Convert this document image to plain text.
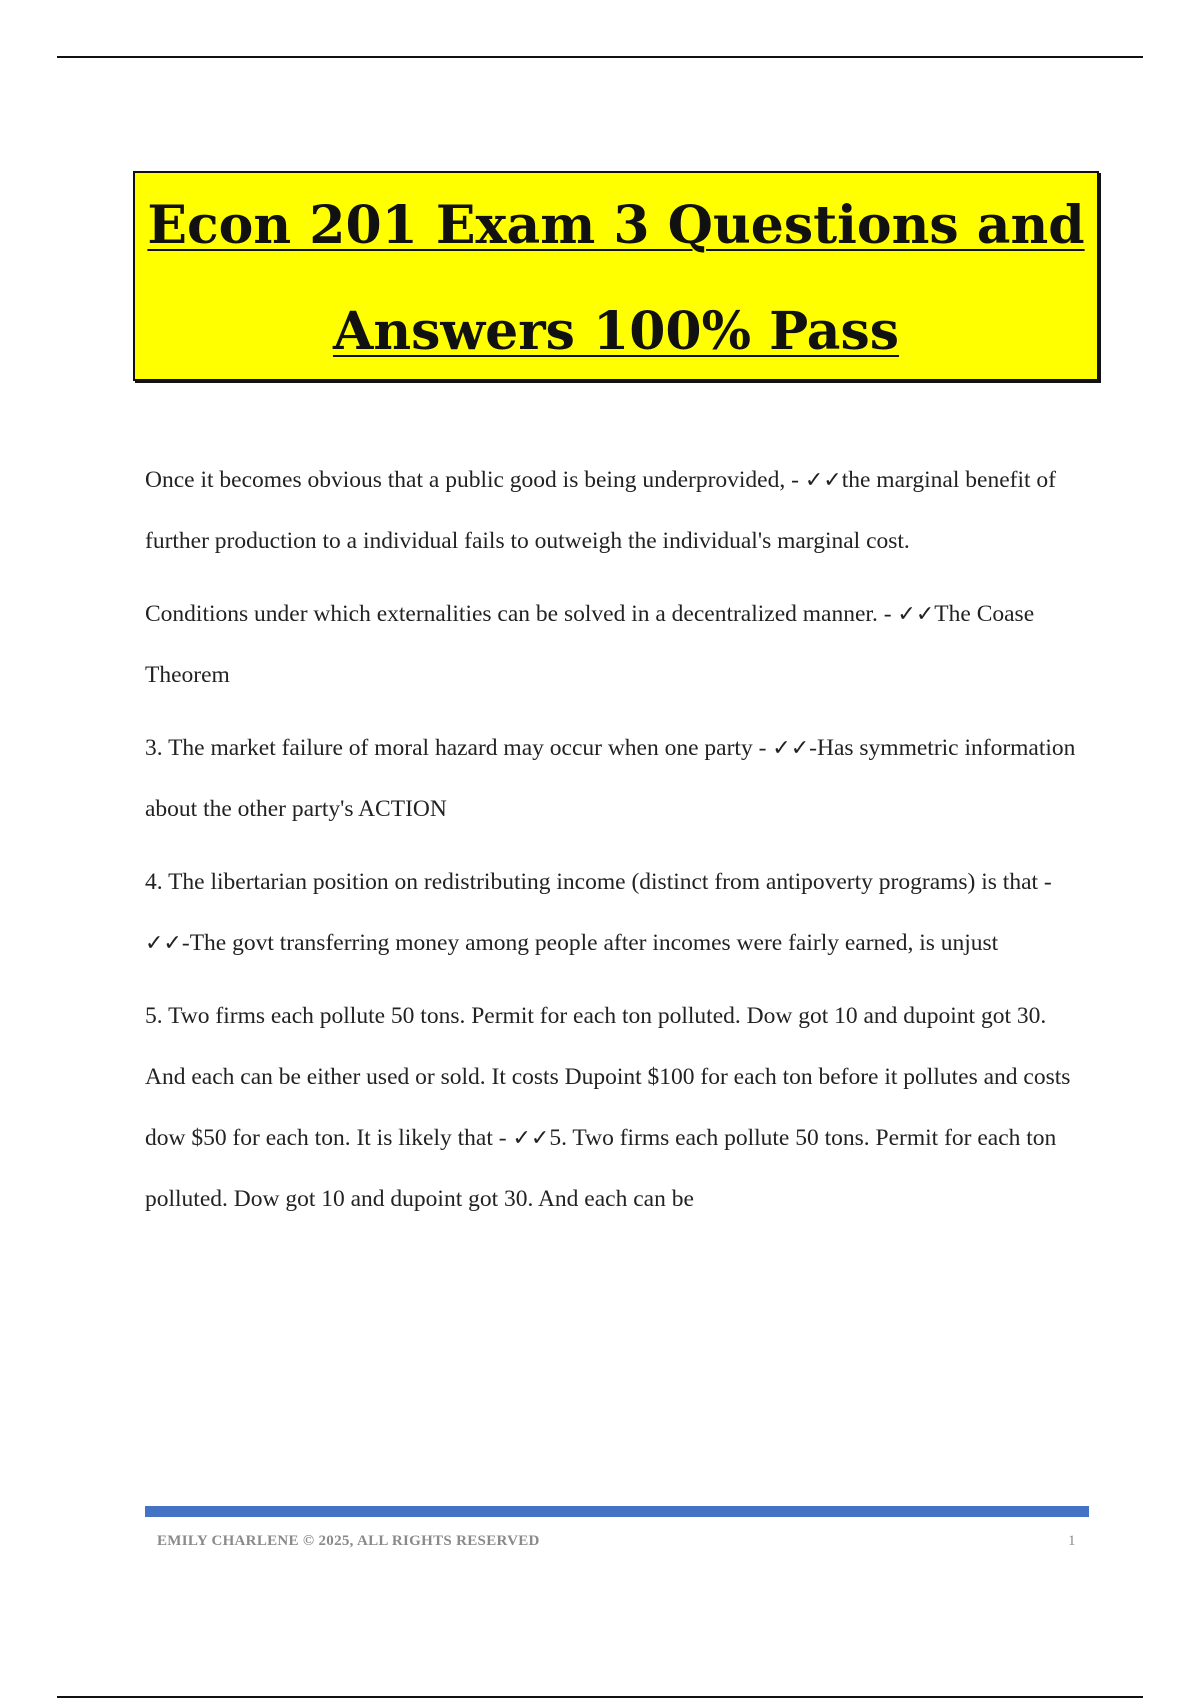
Econ 201 Exam 3 Questions and
Answers 100% Pass

Once it becomes obvious that a public good is being underprovided, - ✓✓the marginal benefit of further production to a individual fails to outweigh the individual's marginal cost.

Conditions under which externalities can be solved in a decentralized manner. - ✓✓The Coase Theorem

3. The market failure of moral hazard may occur when one party - ✓✓-Has symmetric information about the other party's ACTION

4. The libertarian position on redistributing income (distinct from antipoverty programs) is that - ✓✓-The govt transferring money among people after incomes were fairly earned, is unjust

5. Two firms each pollute 50 tons. Permit for each ton polluted. Dow got 10 and dupoint got 30. And each can be either used or sold. It costs Dupoint $100 for each ton before it pollutes and costs dow $50 for each ton. It is likely that - ✓✓5. Two firms each pollute 50 tons. Permit for each ton polluted. Dow got 10 and dupoint got 30. And each can be

EMILY CHARLENE © 2025, ALL RIGHTS RESERVED	1
